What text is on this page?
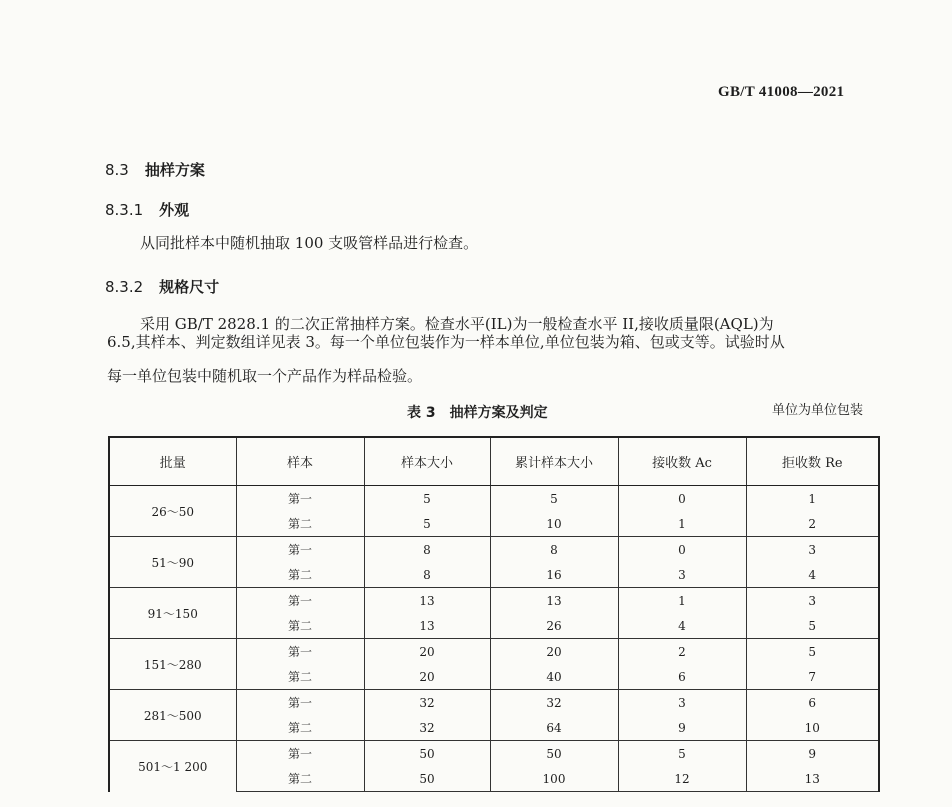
GB/T 41008—2021
8.3 抽样方案
8.3.1 外观
从同批样本中随机抽取 100 支吸管样品进行检查。
8.3.2 规格尺寸
采用 GB/T 2828.1 的二次正常抽样方案。检查水平(IL)为一般检查水平 II,接收质量限(AQL)为
6.5,其样本、判定数组详见表 3。每一个单位包装作为一样本单位,单位包装为箱、包或支等。试验时从
每一单位包装中随机取一个产品作为样品检验。
表 3 抽样方案及判定	单位为单位包装
批量	样本	样本大小	累计样本大小	接收数 Ac	拒收数 Re
26～50	第一	5	5	0	1
	第二	5	10	1	2
51～90	第一	8	8	0	3
	第二	8	16	3	4
91～150	第一	13	13	1	3
	第二	13	26	4	5
151～280	第一	20	20	2	5
	第二	20	40	6	7
281～500	第一	32	32	3	6
	第二	32	64	9	10
501～1 200	第一	50	50	5	9
	第二	50	100	12	13
